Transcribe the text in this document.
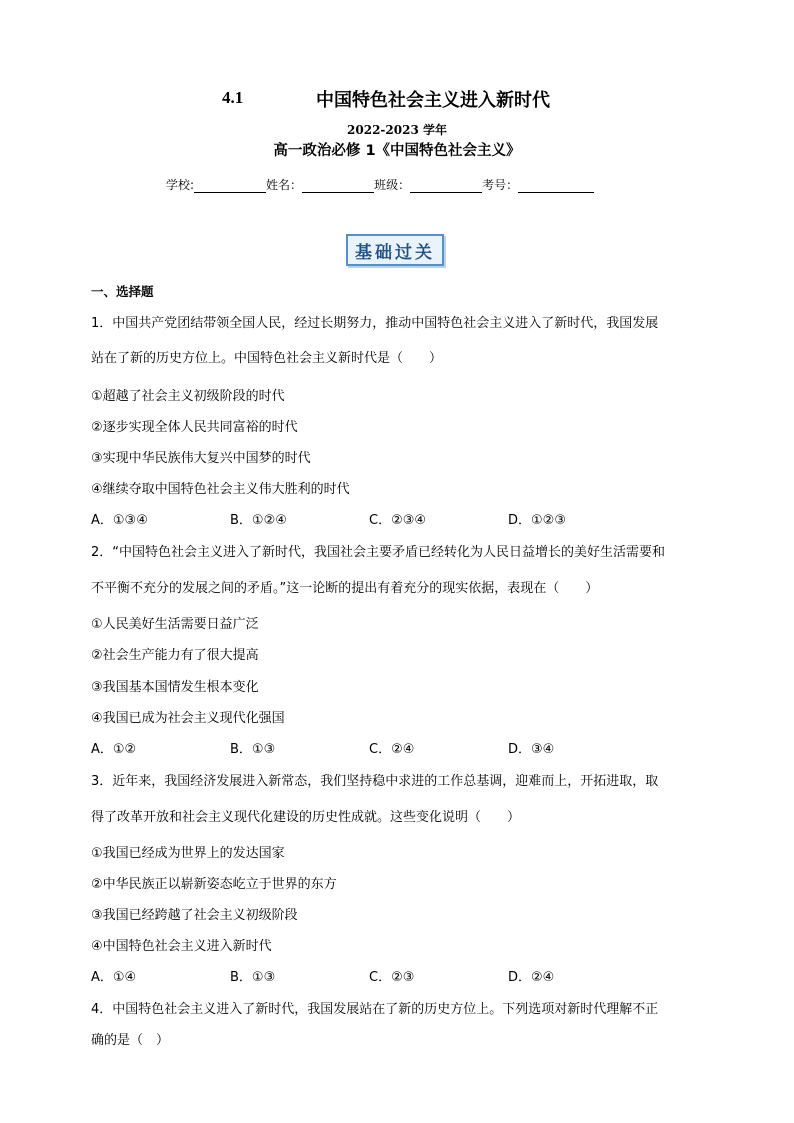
4.1	中国特色社会主义进入新时代
2022-2023 学年
高一政治必修 1《中国特色社会主义》
学校:	姓名：	班级：	考号：
基础过关
一、选择题
1．中国共产党团结带领全国人民，经过长期努力，推动中国特色社会主义进入了新时代，我国发展
站在了新的历史方位上。中国特色社会主义新时代是（　　）
①超越了社会主义初级阶段的时代
②逐步实现全体人民共同富裕的时代
③实现中华民族伟大复兴中国梦的时代
④继续夺取中国特色社会主义伟大胜利的时代
A．①③④	B．①②④	C．②③④	D．①②③
2．“中国特色社会主义进入了新时代，我国社会主要矛盾已经转化为人民日益增长的美好生活需要和
不平衡不充分的发展之间的矛盾。”这一论断的提出有着充分的现实依据，表现在（　　）
①人民美好生活需要日益广泛
②社会生产能力有了很大提高
③我国基本国情发生根本变化
④我国已成为社会主义现代化强国
A．①②	B．①③	C．②④	D．③④
3．近年来，我国经济发展进入新常态，我们坚持稳中求进的工作总基调，迎难而上，开拓进取，取
得了改革开放和社会主义现代化建设的历史性成就。这些变化说明（　　）
①我国已经成为世界上的发达国家
②中华民族正以崭新姿态屹立于世界的东方
③我国已经跨越了社会主义初级阶段
④中国特色社会主义进入新时代
A．①④	B．①③	C．②③	D．②④
4．中国特色社会主义进入了新时代，我国发展站在了新的历史方位上。下列选项对新时代理解不正
确的是（　）
